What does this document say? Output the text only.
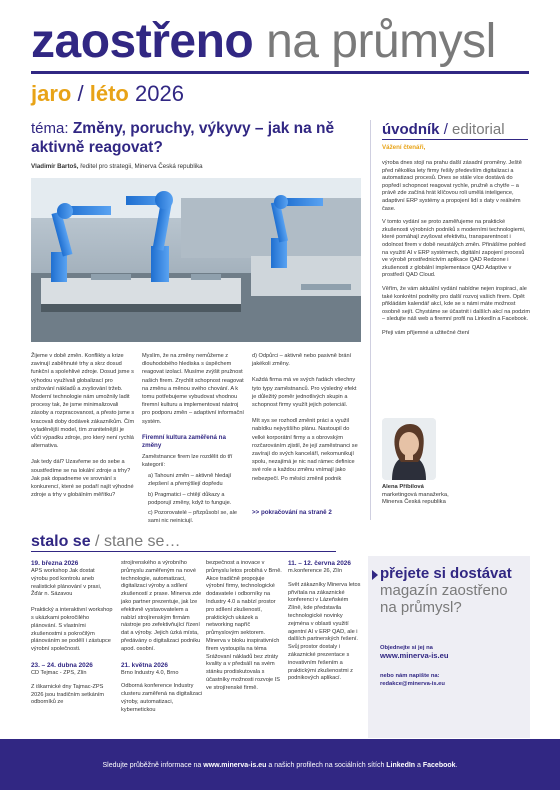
zaostřeno na průmysl
jaro / léto 2026
téma: Změny, poruchy, výkyvy – jak na ně aktivně reagovat?
Vladimír Bartoš, ředitel pro strategii, Minerva Česká republika

Žijeme v době změn. Konflikty a krize zavinují zaběhnuté trhy a skrz dosud funkční a spolehlivé zdroje. Dosud jsme s výhodou využívali globalizací pro snižování nákladů a zvyšování tržeb. Moderní technologie nám umožnily ladit procesy tak, že jsme minimalizovali zásoby a rozpracovanost, a přesto jsme s kracovali doby dodávek zákazníkům. Čím vyladěnější model, tím zranitelnější je vůči výpadku zdroje, pro který není rychlá alternativa.

Jak tedy dál? Uzavřeme se do sebe a soustředíme se na lokální zdroje a trhy? Jak pak dopadneme ve srovnání s konkurencí, které se podaří najít výhodné zdroje a trhy v globálním měřítku?

Myslím, že na změny nemůžeme z dlouhodobého hlediska s úspěchem reagovat izolací. Musíme zvýšit pružnost našich firem. Zrychlit schopnost reagovat na změnu a měnou svého chování. A k tomu potřebujeme vybudovat vhodnou firemní kulturu a implementovat nástroj pro podporu změn – adaptivní informační systém.

Firemní kultura zaměřená na změny

Zaměstnance firem lze rozdělit do tří kategorií:

a) Tahouni změn – aktivně hledají zlepšení a přemýšlejí dopředu

b) Pragmatici – chtějí důkazy a podporují změny, když to funguje.

c) Pozorovatelé – přizpůsobí se, ale sami nic neiniciují.

d) Odpůrci – aktivně nebo pasivně brání jakékoli změny.

Každá firma má ve svých řadách všechny tyto typy zaměstnanců. Pro výsledný efekt je důležitý poměr jednotlivých skupin a schopnost firmy využít jejich potenciál.

Mít sys se rozhodl změnit práci a využil nabídku nejvyššího plánu. Nastoupil do velké korporátní firmy a s obrovským rozčarováním zjistil, že její zaměstnanci se zavírají do svých kanceláří, nekomunikují spolu, nezajímá je nic nad rámec definice své role a každou změnu vnímají jako nebezpečí. Po měsíci změnil podnik

>> pokračování na straně 2
úvodník / editorial
Vážení čtenáři,

výroba dnes stojí na prahu další zásadní proměny. Ještě před několika lety firmy řešily především digitalizaci a automatizaci procesů. Dnes se stále více dostává do popředí schopnost reagovat rychle, pružně a chytře – a právě zde začíná hrát klíčovou roli umělá inteligence, adaptivní ERP systémy a propojení lidí s daty v reálném čase.

V tomto vydání se proto zaměřujeme na praktické zkušenosti výrobních podniků s moderními technologiemi, které pomáhají zvyšovat efektivitu, transparentnost i odolnost firem v době neustálých změn. Přinášíme pohled na využití AI v ERP systémech, digitální zapojení procesů ve výrobě prostřednictvím aplikace QAD Redzone i zkušenosti z globální implementace QAD Adaptive v prostředí QAD Cloud.

Věřím, že vám aktuální vydání nabídne nejen inspiraci, ale také konkrétní podněty pro další rozvoj vašich firem. Opět přikládám kalendář akcí, kde se s námi máte možnost osobně sejít. Chystáme se účastnit i dalších akcí na podzim – sledujte náš web a firemní profil na LinkedIn a Facebook.

Přeji vám příjemné a užitečné čtení

Alena Příbilová
marketingová manažerka,
Minerva Česká republika
stalo se / stane se…
19. března 2026

APS workshop Jak dostat výrobu pod kontrolu aneb realistické plánování v praxi, Žďár n. Sázavou

Praktický a interaktivní workshop s ukázkami pokročilého plánování. S vlastními zkušenostmi s pokročilým plánováním se podělí i zástupce výrobní společnosti.

23. – 24. dubna 2026

CD Tejmac - ZPS, Zlín

Z iškarnické dny Tajmac-ZPS 2026 jsou tradičním setkáním odborníků ze

strojírenského a výrobního průmyslu zaměřeným na nové technologie, automatizaci, digitalizaci výroby a sdílení zkušeností z praxe. Minerva zde jako partner prezentuje, jak lze efektivně vystavovatelem a nabízí strojírenským firmám nástroje pro zefektivňující řízení dat a výroby. Jejich úzká místa, předávány o digitalizaci podniku apod. osobní.

21. května 2026

Brno Industry 4.0, Brno

Odborná konference Industry clusteru zaměřená na digitalizaci výroby, automatizaci, kybernetickou

bezpečnost a inovace v průmyslu letos probíhá v Brně. Akce tradičně propojuje výrobní firmy, technologické dodavatele i odborníky na Industry 4.0 a nabízí prostor pro sdílení zkušeností, praktických ukázek a networking napříč průmyslovým sektorem. Minerva v bloku inspirativních firem vystoupila na téma Srážovaní nákladů bez ztráty kvality a v předsálí na svém stánku prodiskutovala s účastníky možnosti rozvoje IS ve strojírenské firmě.

11. – 12. června 2026

m.konference 26, Zlín

Svět zákazníky Minerva letos přivítala na zákaznické konferenci v Lázeňském Zlíně, kde představila technologické novinky zejména v oblasti využití agentní AI v ERP QAD, ale i dalších partnerských řešení. Svůj prostor dostaly i zákaznické prezentace s inovativním řešením a praktickými zkušenostmi z podnikových aplikací.

přejete si dostávat
magazín zaostřeno na průmysl?
Objednejte si jej na
www.minerva-is.eu
nebo nám napište na:
redakce@minerva-is.eu
Sledujte průběžně informace na www.minerva-is.eu a našich profilech na sociálních sítích LinkedIn a Facebook.
